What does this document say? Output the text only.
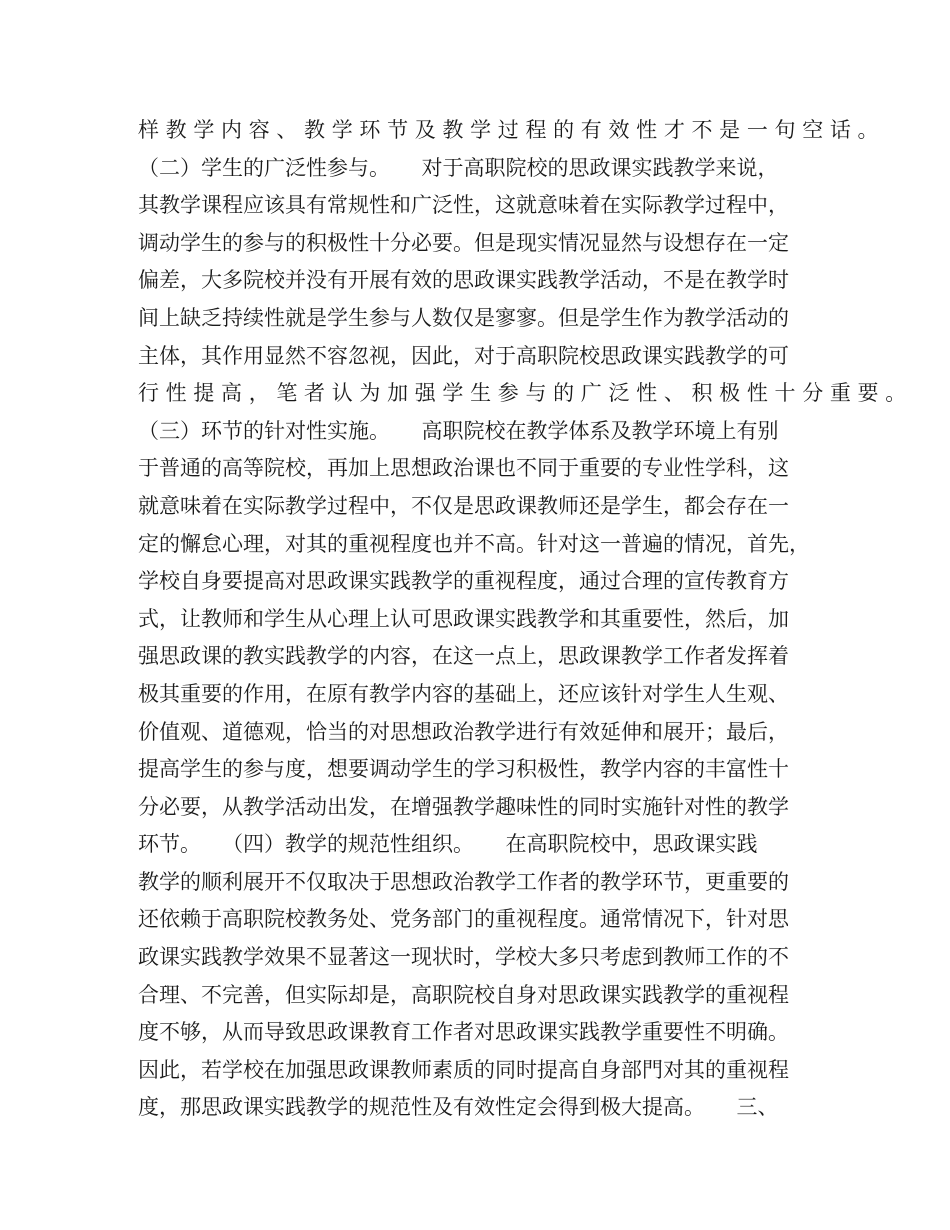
样 教 学 内 容 、 教 学 环 节 及 教 学 过 程 的 有 效 性 才 不 是 一 句 空 话 。
（二）学生的广泛性参与。　　对于高职院校的思政课实践教学来说，
其教学课程应该具有常规性和广泛性，这就意味着在实际教学过程中，
调动学生的参与的积极性十分必要。但是现实情况显然与设想存在一定
偏差，大多院校并没有开展有效的思政课实践教学活动，不是在教学时
间上缺乏持续性就是学生参与人数仅是寥寥。但是学生作为教学活动的
主体，其作用显然不容忽视，因此，对于高职院校思政课实践教学的可
行 性 提 高 ， 笔 者 认 为 加 强 学 生 参 与 的 广 泛 性 、 积 极 性 十 分 重 要 。
（三）环节的针对性实施。　　高职院校在教学体系及教学环境上有别
于普通的高等院校，再加上思想政治课也不同于重要的专业性学科，这
就意味着在实际教学过程中，不仅是思政课教师还是学生，都会存在一
定的懈怠心理，对其的重视程度也并不高。针对这一普遍的情况，首先，
学校自身要提高对思政课实践教学的重视程度，通过合理的宣传教育方
式，让教师和学生从心理上认可思政课实践教学和其重要性，然后，加
强思政课的教实践教学的内容，在这一点上，思政课教学工作者发挥着
极其重要的作用，在原有教学内容的基础上，还应该针对学生人生观、
价值观、道德观，恰当的对思想政治教学进行有效延伸和展开；最后，
提高学生的参与度，想要调动学生的学习积极性，教学内容的丰富性十
分必要，从教学活动出发，在增强教学趣味性的同时实施针对性的教学
环节。　　（四）教学的规范性组织。　　在高职院校中，思政课实践
教学的顺利展开不仅取决于思想政治教学工作者的教学环节，更重要的
还依赖于高职院校教务处、党务部门的重视程度。通常情况下，针对思
政课实践教学效果不显著这一现状时，学校大多只考虑到教师工作的不
合理、不完善，但实际却是，高职院校自身对思政课实践教学的重视程
度不够，从而导致思政课教育工作者对思政课实践教学重要性不明确。
因此，若学校在加强思政课教师素质的同时提高自身部門对其的重视程
度，那思政课实践教学的规范性及有效性定会得到极大提高。　　三、
